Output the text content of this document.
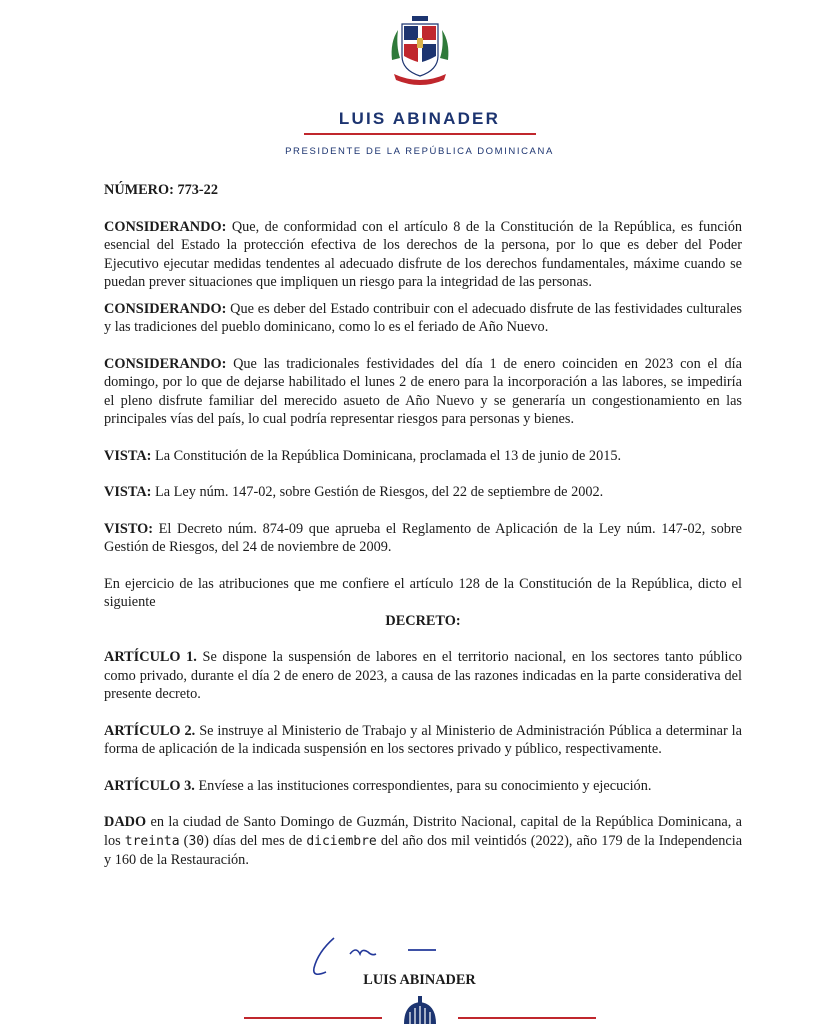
LUIS ABINADER
PRESIDENTE DE LA REPÚBLICA DOMINICANA

NÚMERO: 773-22

CONSIDERANDO: Que, de conformidad con el artículo 8 de la Constitución de la República, es función esencial del Estado la protección efectiva de los derechos de la persona, por lo que es deber del Poder Ejecutivo ejecutar medidas tendentes al adecuado disfrute de los derechos fundamentales, máxime cuando se puedan prever situaciones que impliquen un riesgo para la integridad de las personas.

CONSIDERANDO: Que es deber del Estado contribuir con el adecuado disfrute de las festividades culturales y las tradiciones del pueblo dominicano, como lo es el feriado de Año Nuevo.

CONSIDERANDO: Que las tradicionales festividades del día 1 de enero coinciden en 2023 con el día domingo, por lo que de dejarse habilitado el lunes 2 de enero para la incorporación a las labores, se impediría el pleno disfrute familiar del merecido asueto de Año Nuevo y se generaría un congestionamiento en las principales vías del país, lo cual podría representar riesgos para personas y bienes.

VISTA: La Constitución de la República Dominicana, proclamada el 13 de junio de 2015.

VISTA: La Ley núm. 147-02, sobre Gestión de Riesgos, del 22 de septiembre de 2002.

VISTO: El Decreto núm. 874-09 que aprueba el Reglamento de Aplicación de la Ley núm. 147-02, sobre Gestión de Riesgos, del 24 de noviembre de 2009.

En ejercicio de las atribuciones que me confiere el artículo 128 de la Constitución de la República, dicto el siguiente

DECRETO:

ARTÍCULO 1. Se dispone la suspensión de labores en el territorio nacional, en los sectores tanto público como privado, durante el día 2 de enero de 2023, a causa de las razones indicadas en la parte considerativa del presente decreto.

ARTÍCULO 2. Se instruye al Ministerio de Trabajo y al Ministerio de Administración Pública a determinar la forma de aplicación de la indicada suspensión en los sectores privado y público, respectivamente.

ARTÍCULO 3. Envíese a las instituciones correspondientes, para su conocimiento y ejecución.

DADO en la ciudad de Santo Domingo de Guzmán, Distrito Nacional, capital de la República Dominicana, a los treinta (30) días del mes de diciembre del año dos mil veintidós (2022), año 179 de la Independencia y 160 de la Restauración.

LUIS ABINADER
